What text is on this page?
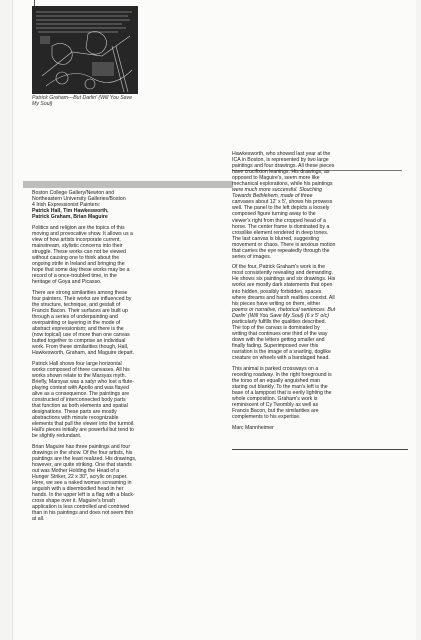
Patrick Graham—But Darlin' (Will You Save
My Soul)
Boston College Gallery/Newton and
Northeastern University Galleries/Boston
4 Irish Expressionist Painters:
Patrick Hall, Tim Hawkesworth,
Patrick Graham, Brian Maguire
Politics and religion are the topics of this
moving and provocative show. It allows us a
view of how artists incorporate current,
mainstream, stylistic concerns into their
struggle. These works can not be viewed
without causing one to think about the
ongoing strife in Ireland and bringing the
hope that some day these works may be a
record of a once-troubled time, in the
heritage of Goya and Picasso.
There are strong similarities among these
four painters. Their works are influenced by
the structure, technique, and gestalt of
Francis Bacon. Their surfaces are built up
through a series of underpainting and
overpainting or layering in the mode of
abstract expressionism; and there is the
(now topical) use of more than one canvas
butted together to comprise an individual
work. From these similarities though, Hall,
Hawkesworth, Graham, and Maguire depart.
Patrick Hall shows four large horizontal
works composed of three canvases. All his
works shown relate to the Marsyas myth.
Briefly, Marsyas was a satyr who lost a flute-
playing contest with Apollo and was flayed
alive as a consequence. The paintings are
constructed of interconnected body parts
that function as both elements and spatial
designations. These parts are mostly
abstractions with minute recognizable
elements that pull the viewer into the turmoil.
Hall's pieces initially are powerful but tend to
be slightly redundant.
Brian Maguire has three paintings and four
drawings in the show. Of the four artists, his
paintings are the least realized. His drawings,
however, are quite striking. One that stands
out was Mother Holding the Head of a
Hunger Striker, 22 x 30", acrylic on paper.
Here, we see a naked woman screaming in
anguish with a disembodied head in her
hands. In the upper left is a flag with a black-
cross shape over it. Maguire's brush
application is less controlled and contrived
than in his paintings and does not seem thin
at all.
Hawkesworth, who showed last year at the
ICA in Boston, is represented by two large
paintings and four drawings. All these pieces
have crucifixion leanings. His drawings, as
opposed to Maguire's, seem more like
mechanical explorations, while his paintings
were much more successful. Slouching
Towards Bethlehem, made of three
canvases about 12' x 5', shows his prowess
well. The panel to the left depicts a loosely
composed figure turning away to the
viewer's right from the cropped head of a
horse. The center frame is dominated by a
crosslike element rendered in deep tones.
The last canvas is blurred, suggesting
movement or chaos. There is anxious motion
that carries the eye repeatedly through the
series of images.
Of the four, Patrick Graham's work is the
most consistently revealing and demanding.
He shows six paintings and six drawings. His
works are mostly dark statements that open
into hidden, possibly forbidden, spaces
where dreams and harsh realities coexist. All
his pieces have writing on them, either
poems or narrative, rhetorical sentences. But
Darlin' (Will You Save My Soul) (6 x 5' o/c)
particularly fulfills the qualities described.
The top of the canvas is dominated by
writing that continues one third of the way
down with the letters getting smaller and
finally fading. Superimposed over this
narration is the image of a snarling, doglike
creature on wheels with a bandaged head.
This animal is parked crossways on a
receding roadway. In the right foreground is
the torso of an equally anguished man
staring out blankly. To the man's left is the
base of a lamppost that is eerily lighting the
whole composition. Graham's work is
reminiscent of Cy Twombly as well as
Francis Bacon, but the similarities are
complements to his expertise.
Marc Mannheimer
